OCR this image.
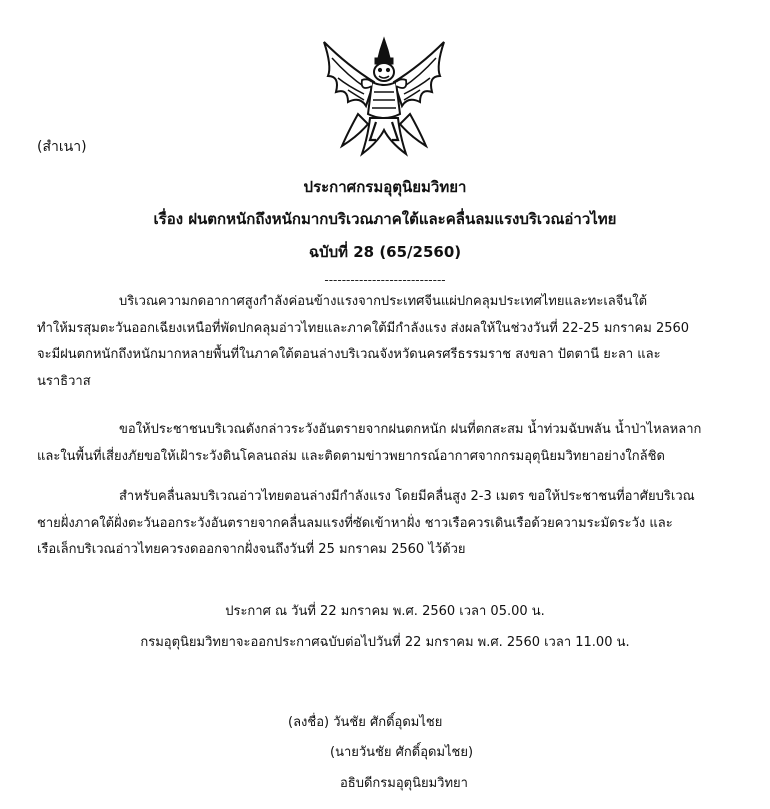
(สำเนา)
ประกาศกรมอุตุนิยมวิทยา
เรื่อง ฝนตกหนักถึงหนักมากบริเวณภาคใต้และคลื่นลมแรงบริเวณอ่าวไทย
ฉบับที่ 28 (65/2560)
----------------------------
บริเวณความกดอากาศสูงกำลังค่อนข้างแรงจากประเทศจีนแผ่ปกคลุมประเทศไทยและทะเลจีนใต้
ทำให้มรสุมตะวันออกเฉียงเหนือที่พัดปกคลุมอ่าวไทยและภาคใต้มีกำลังแรง ส่งผลให้ในช่วงวันที่ 22-25 มกราคม 2560
จะมีฝนตกหนักถึงหนักมากหลายพื้นที่ในภาคใต้ตอนล่างบริเวณจังหวัดนครศรีธรรมราช สงขลา ปัตตานี ยะลา และ
นราธิวาส
ขอให้ประชาชนบริเวณดังกล่าวระวังอันตรายจากฝนตกหนัก ฝนที่ตกสะสม น้ำท่วมฉับพลัน น้ำป่าไหลหลาก
และในพื้นที่เสี่ยงภัยขอให้เฝ้าระวังดินโคลนถล่ม และติดตามข่าวพยากรณ์อากาศจากกรมอุตุนิยมวิทยาอย่างใกล้ชิด
สำหรับคลื่นลมบริเวณอ่าวไทยตอนล่างมีกำลังแรง โดยมีคลื่นสูง 2-3 เมตร ขอให้ประชาชนที่อาศัยบริเวณ
ชายฝั่งภาคใต้ฝั่งตะวันออกระวังอันตรายจากคลื่นลมแรงที่ซัดเข้าหาฝั่ง ชาวเรือควรเดินเรือด้วยความระมัดระวัง และ
เรือเล็กบริเวณอ่าวไทยควรงดออกจากฝั่งจนถึงวันที่ 25 มกราคม 2560 ไว้ด้วย
ประกาศ ณ วันที่ 22 มกราคม พ.ศ. 2560 เวลา 05.00 น.
กรมอุตุนิยมวิทยาจะออกประกาศฉบับต่อไปวันที่ 22 มกราคม พ.ศ. 2560 เวลา 11.00 น.
(ลงชื่อ) วันชัย ศักดิ์อุดมไชย
(นายวันชัย ศักดิ์อุดมไชย)
อธิบดีกรมอุตุนิยมวิทยา
